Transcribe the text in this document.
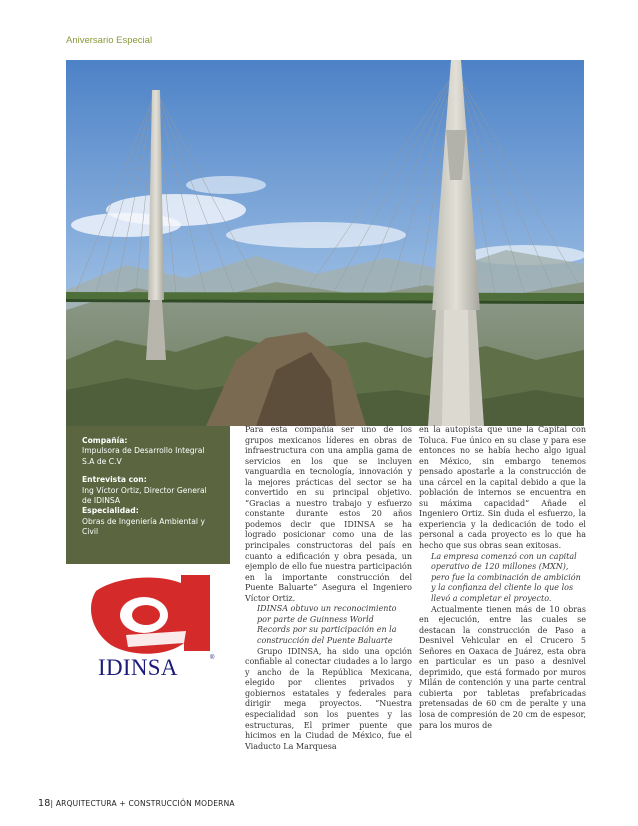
Aniversario Especial
Compañía:
Impulsora de Desarrollo Integral S.A de C.V
Entrevista con:
Ing Víctor Ortiz, Director General de IDINSA
Especialidad:
Obras de Ingeniería Ambiental y Civil
IDINSA	®

Para esta compañía ser uno de los grupos mexicanos líderes en obras de infraestructura con una amplia gama de servicios en los que se incluyen vanguardia en tecnología, innovación y la mejores prácticas del sector se ha convertido en su principal objetivo. “Gracias a nuestro trabajo y esfuerzo constante durante estos 20 años podemos decir que IDINSA se ha logrado posicionar como una de las principales constructoras del país en cuanto a edificación y obra pesada, un ejemplo de ello fue nuestra participación en la importante construcción del Puente Baluarte” Asegura el Ingeniero Víctor Ortiz.

IDINSA obtuvo un reconocimiento por parte de Guinness World Records por su participación en la construcción del Puente Baluarte

Grupo IDINSA, ha sido una opción confiable al conectar ciudades a lo largo y ancho de la República Mexicana, elegido por clientes privados y gobiernos estatales y federales para dirigir mega proyectos. “Nuestra especialidad son los puentes y las estructuras, El primer puente que hicimos en la Ciudad de México, fue el Viaducto La Marquesa

en la autopista que une la Capital con Toluca. Fue único en su clase y para ese entonces no se había hecho algo igual en México, sin embargo tenemos pensado apostarle a la construcción de una cárcel en la capital debido a que la población de internos se encuentra en su máxima capacidad” Añade el Ingeniero Ortiz. Sin duda el esfuerzo, la experiencia y la dedicación de todo el personal a cada proyecto es lo que ha hecho que sus obras sean exitosas.

La empresa comenzó con un capital operativo de 120 millones (MXN), pero fue la combinación de ambición y la confianza del cliente lo que los llevó a completar el proyecto.

Actualmente tienen más de 10 obras en ejecución, entre las cuales se destacan la construcción de Paso a Desnivel Vehicular en el Crucero 5 Señores en Oaxaca de Juárez, esta obra en particular es un paso a desnivel deprimido, que está formado por muros Milán de contención y una parte central cubierta por tabletas prefabricadas pretensadas de 60 cm de peralte y una losa de compresión de 20 cm de espesor, para los muros de

18| ARQUITECTURA + CONSTRUCCIÓN MODERNA
